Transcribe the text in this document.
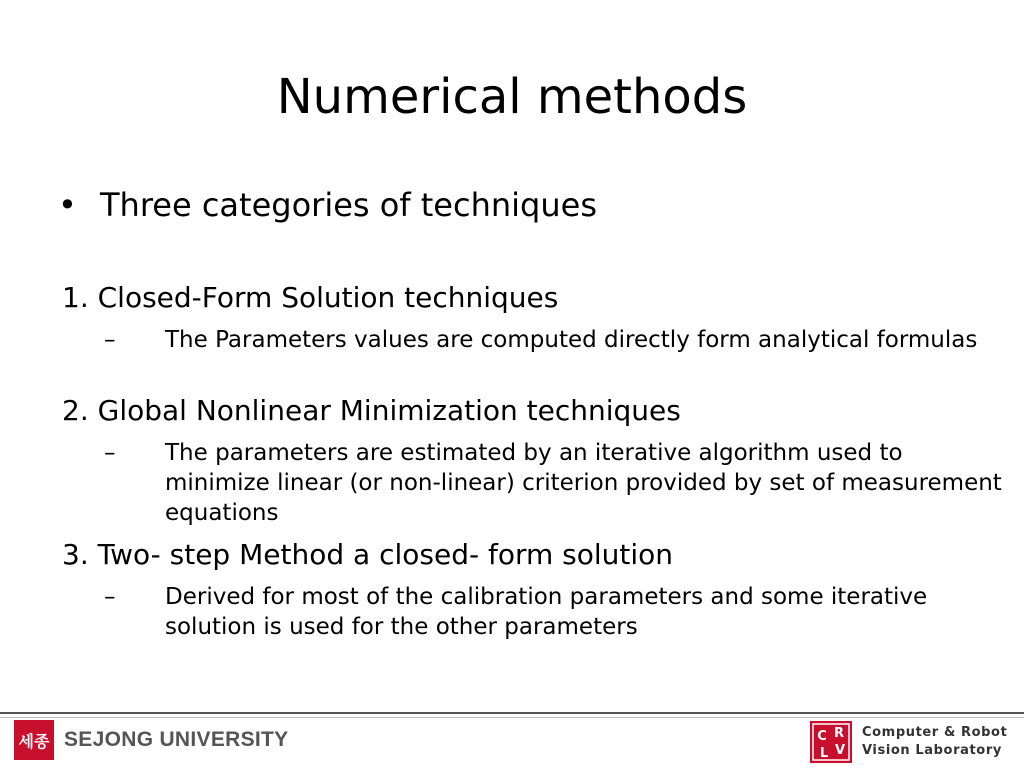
Numerical methods
• Three categories of techniques
1. Closed-Form Solution techniques
– The Parameters values are computed directly form analytical formulas
2. Global Nonlinear Minimization techniques
– The parameters are estimated by an iterative algorithm used to minimize linear (or non-linear) criterion provided by set of measurement equations
3. Two- step Method a closed- form solution
– Derived for most of the calibration parameters and some iterative solution is used for the other parameters
세종 SEJONG UNIVERSITY	C R
V
L
Computer & Robot
Vision Laboratory
